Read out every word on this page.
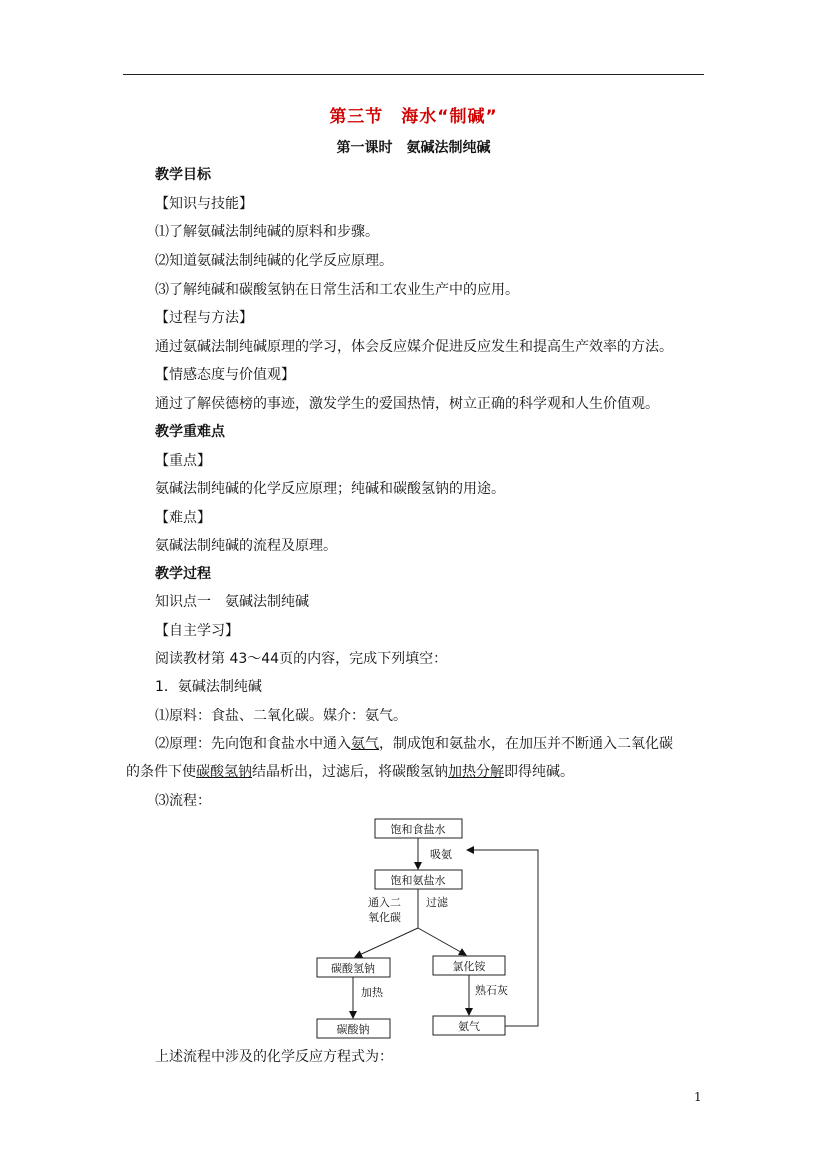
第三节　海水“制碱”
第一课时　氨碱法制纯碱
教学目标
【知识与技能】
⑴了解氨碱法制纯碱的原料和步骤。
⑵知道氨碱法制纯碱的化学反应原理。
⑶了解纯碱和碳酸氢钠在日常生活和工农业生产中的应用。
【过程与方法】
通过氨碱法制纯碱原理的学习，体会反应媒介促进反应发生和提高生产效率的方法。
【情感态度与价值观】
通过了解侯德榜的事迹，激发学生的爱国热情，树立正确的科学观和人生价值观。
教学重难点
【重点】
氨碱法制纯碱的化学反应原理；纯碱和碳酸氢钠的用途。
【难点】
氨碱法制纯碱的流程及原理。
教学过程
知识点一　氨碱法制纯碱
【自主学习】
阅读教材第 43～44页的内容，完成下列填空：
1．氨碱法制纯碱
⑴原料：食盐、二氧化碳。媒介：氨气。
⑵原理：先向饱和食盐水中通入氨气，制成饱和氨盐水，在加压并不断通入二氧化碳
的条件下使碳酸氢钠结晶析出，过滤后，将碳酸氢钠加热分解即得纯碱。
⑶流程：
饱和食盐水
吸氨
饱和氨盐水
通入二
氧化碳
过滤
碳酸氢钠	氯化铵
加热	熟石灰
碳酸钠	氨气
上述流程中涉及的化学反应方程式为：
1
